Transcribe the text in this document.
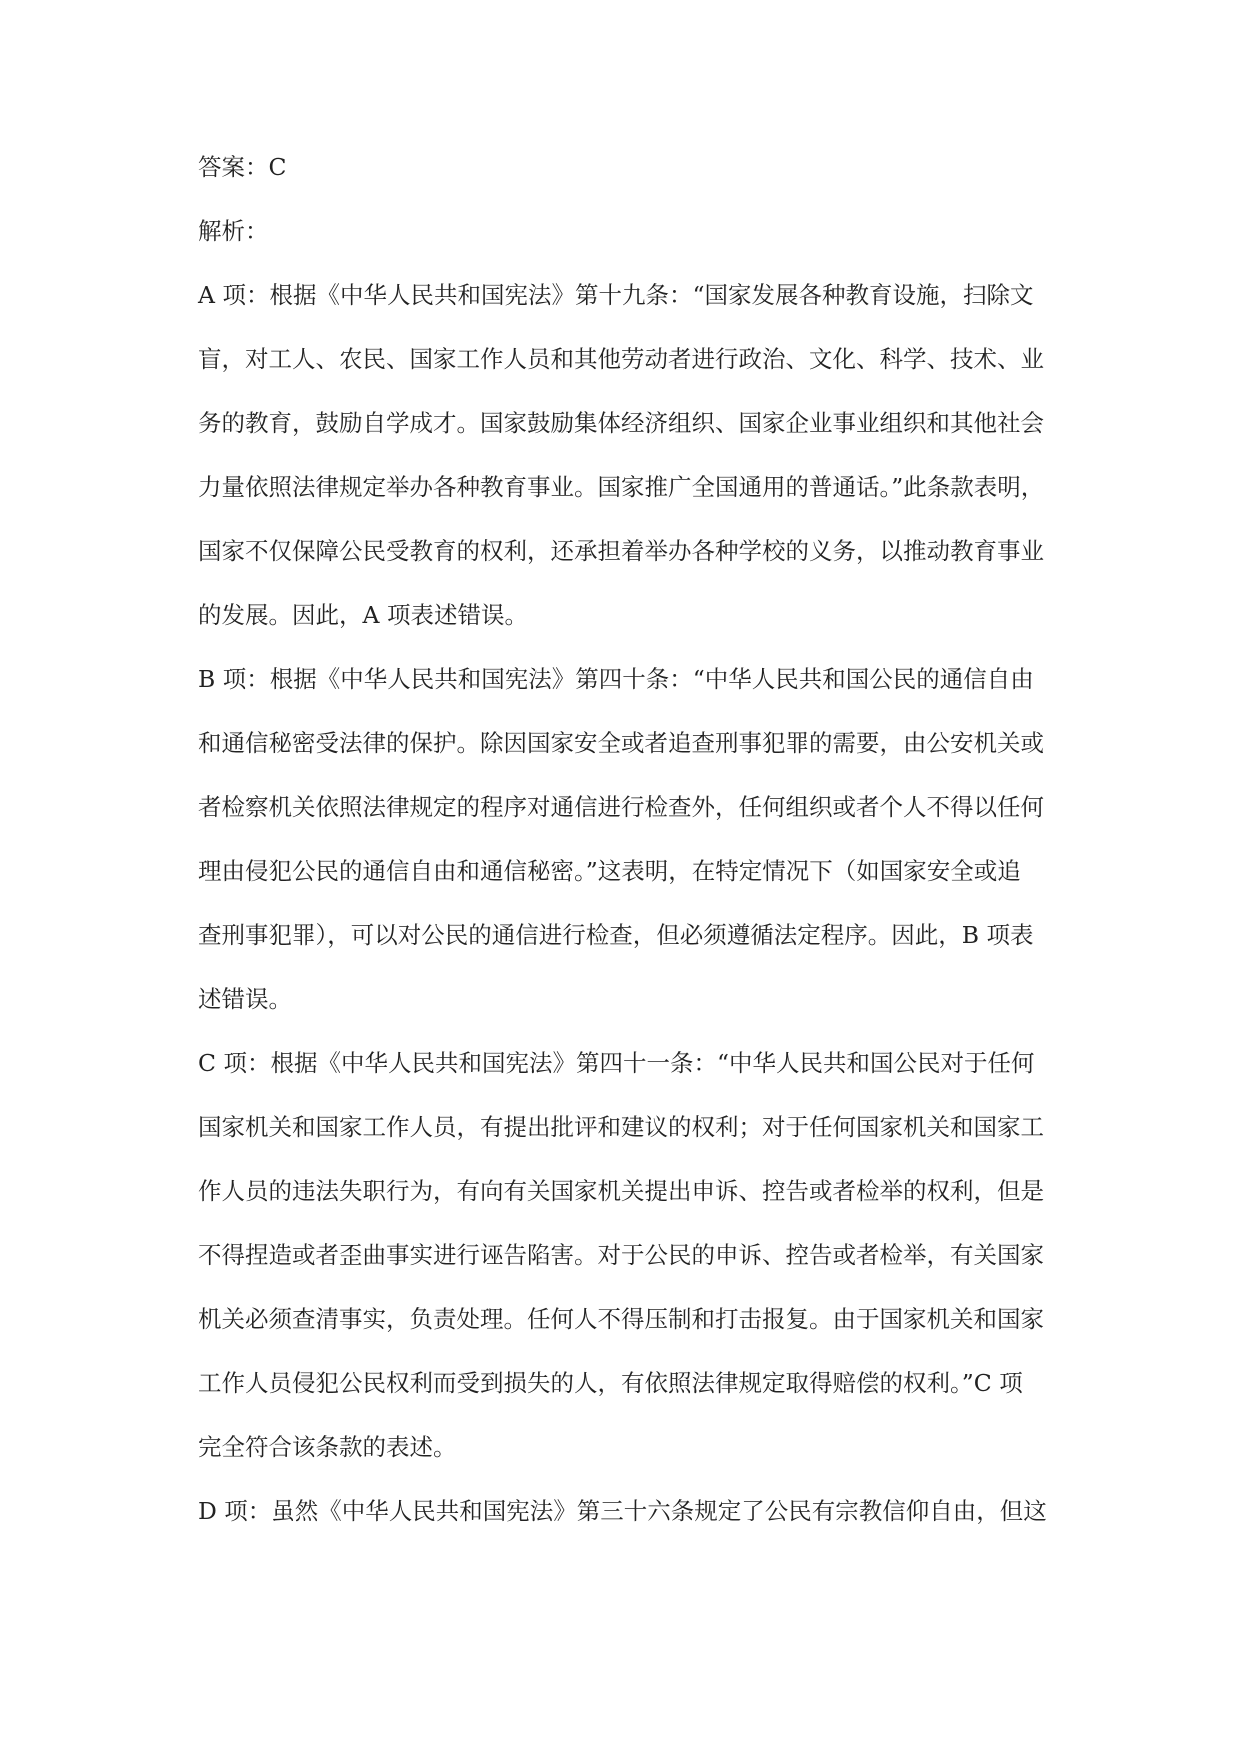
答案：C

解析：

A 项：根据《中华人民共和国宪法》第十九条：“国家发展各种教育设施，扫除文

盲，对工人、农民、国家工作人员和其他劳动者进行政治、文化、科学、技术、业

务的教育，鼓励自学成才。国家鼓励集体经济组织、国家企业事业组织和其他社会

力量依照法律规定举办各种教育事业。国家推广全国通用的普通话。”此条款表明，

国家不仅保障公民受教育的权利，还承担着举办各种学校的义务，以推动教育事业

的发展。因此，A 项表述错误。

B 项：根据《中华人民共和国宪法》第四十条：“中华人民共和国公民的通信自由

和通信秘密受法律的保护。除因国家安全或者追查刑事犯罪的需要，由公安机关或

者检察机关依照法律规定的程序对通信进行检查外，任何组织或者个人不得以任何

理由侵犯公民的通信自由和通信秘密。”这表明，在特定情况下（如国家安全或追

查刑事犯罪），可以对公民的通信进行检查，但必须遵循法定程序。因此，B 项表

述错误。

C 项：根据《中华人民共和国宪法》第四十一条：“中华人民共和国公民对于任何

国家机关和国家工作人员，有提出批评和建议的权利；对于任何国家机关和国家工

作人员的违法失职行为，有向有关国家机关提出申诉、控告或者检举的权利，但是

不得捏造或者歪曲事实进行诬告陷害。对于公民的申诉、控告或者检举，有关国家

机关必须查清事实，负责处理。任何人不得压制和打击报复。由于国家机关和国家

工作人员侵犯公民权利而受到损失的人，有依照法律规定取得赔偿的权利。”C 项

完全符合该条款的表述。

D 项：虽然《中华人民共和国宪法》第三十六条规定了公民有宗教信仰自由，但这
